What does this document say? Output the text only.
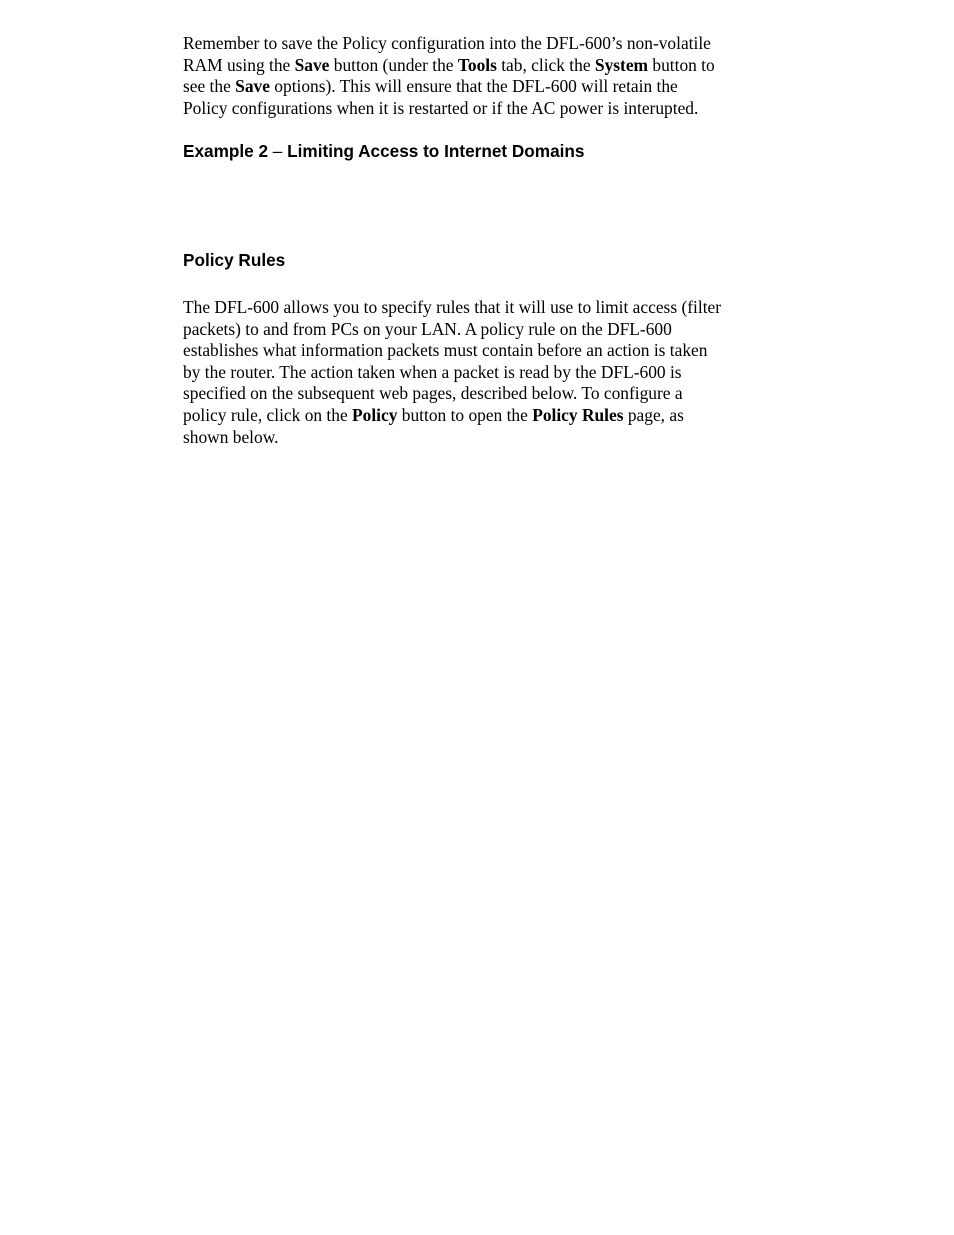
Remember to save the Policy configuration into the DFL-600’s non-volatile
RAM using the Save button (under the Tools tab, click the System button to
see the Save options). This will ensure that the DFL-600 will retain the
Policy configurations when it is restarted or if the AC power is interupted.

Example 2 – Limiting Access to Internet Domains
Policy Rules

The DFL-600 allows you to specify rules that it will use to limit access (filter
packets) to and from PCs on your LAN. A policy rule on the DFL-600
establishes what information packets must contain before an action is taken
by the router. The action taken when a packet is read by the DFL-600 is
specified on the subsequent web pages, described below. To configure a
policy rule, click on the Policy button to open the Policy Rules page, as
shown below.
